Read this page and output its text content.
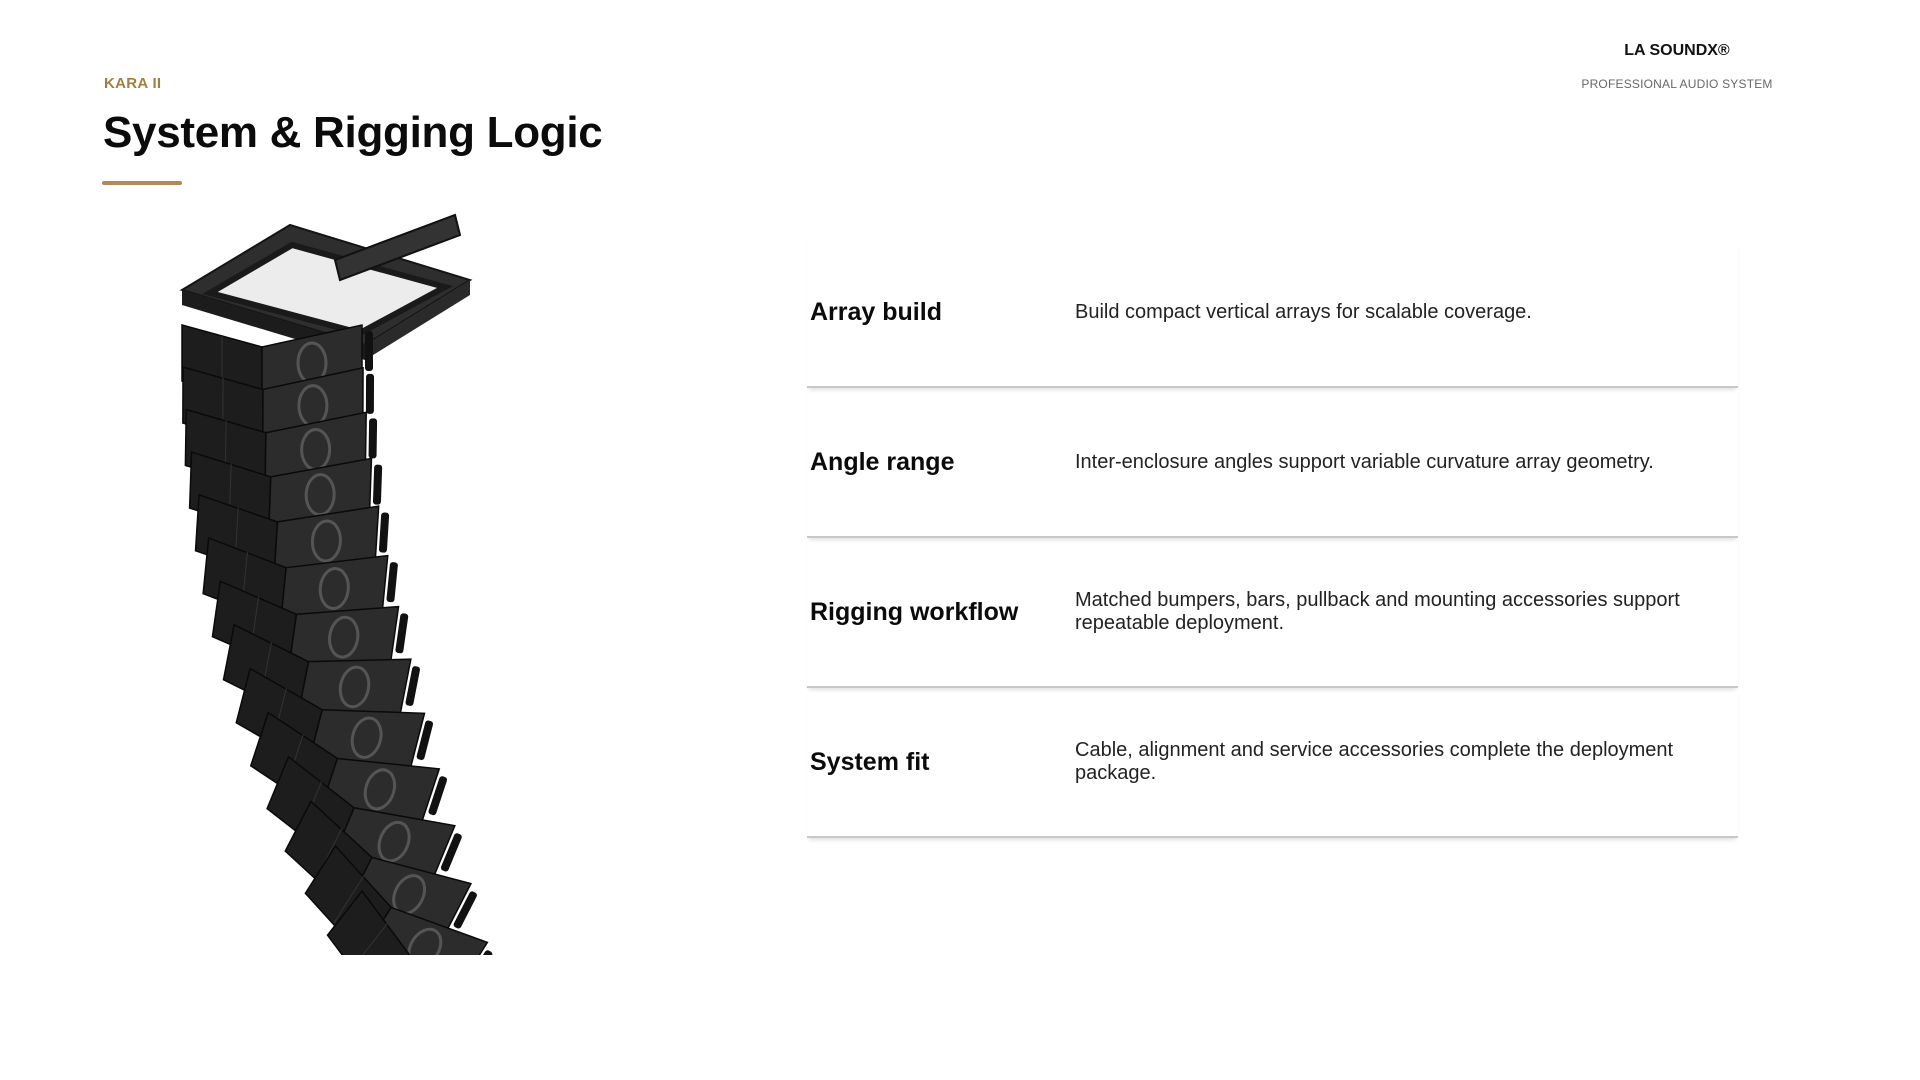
KARA II
System & Rigging Logic
LA SOUNDX®
PROFESSIONAL AUDIO SYSTEM
Array build	Build compact vertical arrays for scalable coverage.
Angle range	Inter-enclosure angles support variable curvature array geometry.
Rigging workflow	Matched bumpers, bars, pullback and mounting accessories support repeatable deployment.
System fit	Cable, alignment and service accessories complete the deployment package.
